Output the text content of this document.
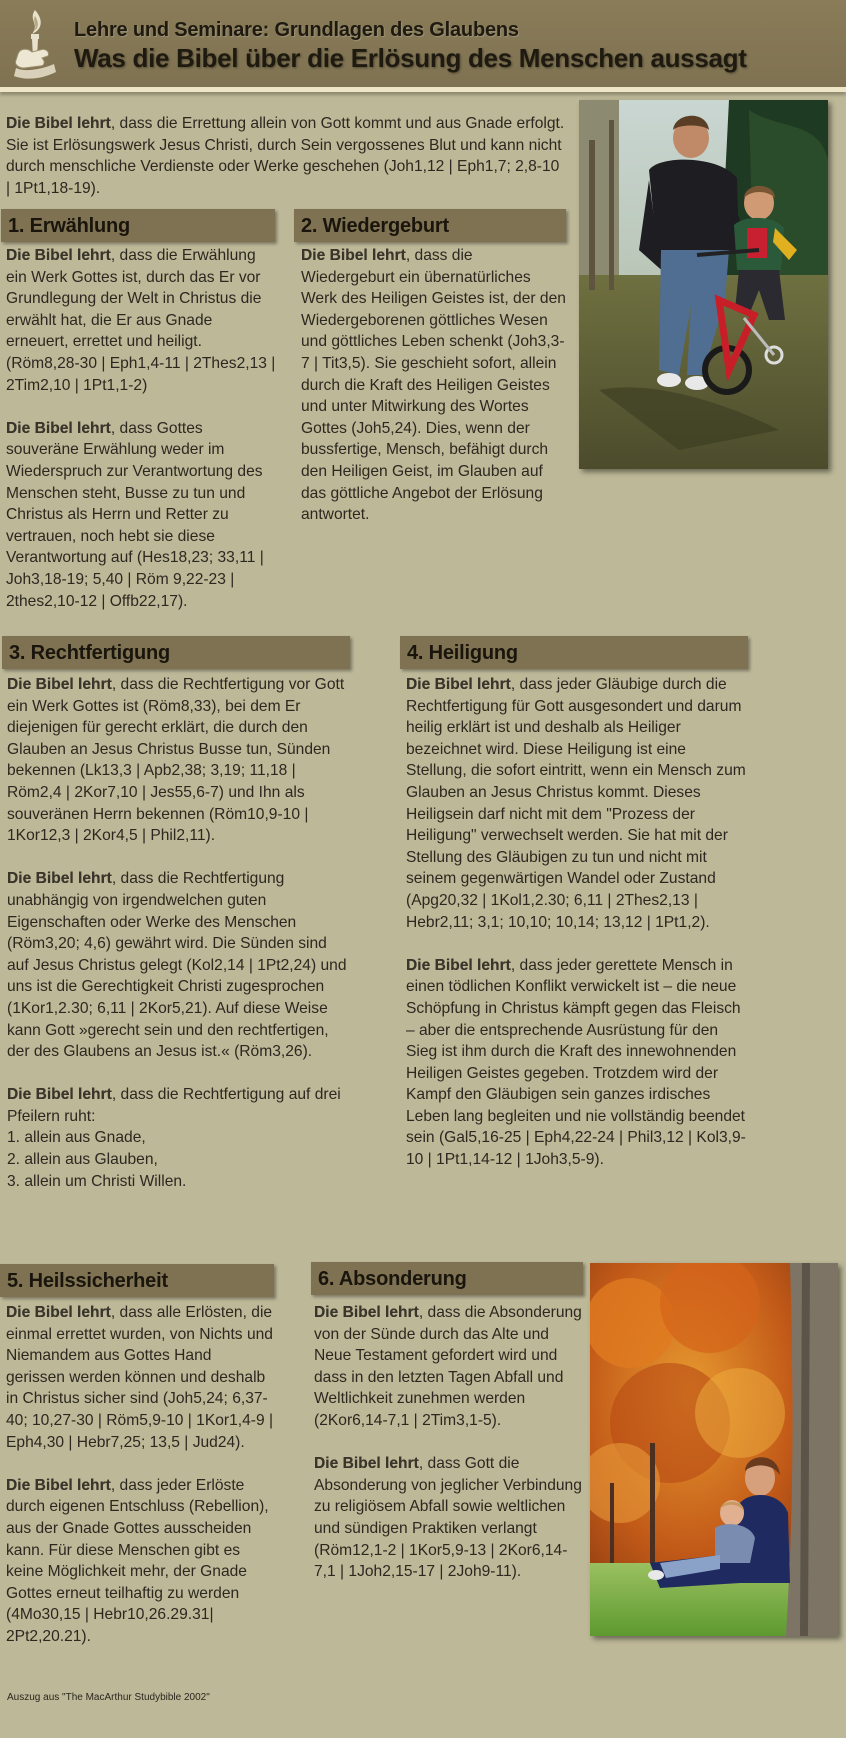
Lehre und Seminare: Grundlagen des Glaubens
Was die Bibel über die Erlösung des Menschen aussagt
Die Bibel lehrt, dass die Errettung allein von Gott kommt und aus Gnade erfolgt. Sie ist Erlösungswerk Jesus Christi, durch Sein vergossenes Blut und kann nicht durch menschliche Verdienste oder Werke geschehen (Joh1,12 | Eph1,7; 2,8-10 | 1Pt1,18-19).
1. Erwählung

Die Bibel lehrt, dass die Erwählung ein Werk Gottes ist, durch das Er vor Grundlegung der Welt in Christus die erwählt hat, die Er aus Gnade erneuert, errettet und heiligt. (Röm8,28-30 | Eph1,4-11 | 2Thes2,13 | 2Tim2,10 | 1Pt1,1-2)

Die Bibel lehrt, dass Gottes souveräne Erwählung weder im Wiederspruch zur Verantwortung des Menschen steht, Busse zu tun und Christus als Herrn und Retter zu vertrauen, noch hebt sie diese Verantwortung auf (Hes18,23; 33,11 | Joh3,18-19; 5,40 | Röm 9,22-23 | 2thes2,10-12 | Offb22,17).

2. Wiedergeburt

Die Bibel lehrt, dass die Wiedergeburt ein übernatürliches Werk des Heiligen Geistes ist, der den Wiedergeborenen göttliches Wesen und göttliches Leben schenkt (Joh3,3-7 | Tit3,5). Sie geschieht sofort, allein durch die Kraft des Heiligen Geistes und unter Mitwirkung des Wortes Gottes (Joh5,24). Dies, wenn der bussfertige, Mensch, befähigt durch den Heiligen Geist, im Glauben auf das göttliche Angebot der Erlösung antwortet.

3. Rechtfertigung

Die Bibel lehrt, dass die Rechtfertigung vor Gott ein Werk Gottes ist (Röm8,33), bei dem Er diejenigen für gerecht erklärt, die durch den Glauben an Jesus Christus Busse tun, Sünden bekennen (Lk13,3 | Apb2,38; 3,19; 11,18 | Röm2,4 | 2Kor7,10 | Jes55,6-7) und Ihn als souveränen Herrn bekennen (Röm10,9-10 | 1Kor12,3 | 2Kor4,5 | Phil2,11).

Die Bibel lehrt, dass die Rechtfertigung unabhängig von irgendwelchen guten Eigenschaften oder Werke des Menschen (Röm3,20; 4,6) gewährt wird. Die Sünden sind auf Jesus Christus gelegt (Kol2,14 | 1Pt2,24) und uns ist die Gerechtigkeit Christi zugesprochen (1Kor1,2.30; 6,11 | 2Kor5,21). Auf diese Weise kann Gott »gerecht sein und den rechtfertigen, der des Glaubens an Jesus ist.« (Röm3,26).

Die Bibel lehrt, dass die Rechtfertigung auf drei Pfeilern ruht:
1. allein aus Gnade,
2. allein aus Glauben,
3. allein um Christi Willen.

4. Heiligung

Die Bibel lehrt, dass jeder Gläubige durch die Rechtfertigung für Gott ausgesondert und darum heilig erklärt ist und deshalb als Heiliger bezeichnet wird. Diese Heiligung ist eine Stellung, die sofort eintritt, wenn ein Mensch zum Glauben an Jesus Christus kommt. Dieses Heiligsein darf nicht mit dem "Prozess der Heiligung" verwechselt werden. Sie hat mit der Stellung des Gläubigen zu tun und nicht mit seinem gegenwärtigen Wandel oder Zustand (Apg20,32 | 1Kol1,2.30; 6,11 | 2Thes2,13 | Hebr2,11; 3,1; 10,10; 10,14; 13,12 | 1Pt1,2).

Die Bibel lehrt, dass jeder gerettete Mensch in einen tödlichen Konflikt verwickelt ist – die neue Schöpfung in Christus kämpft gegen das Fleisch – aber die entsprechende Ausrüstung für den Sieg ist ihm durch die Kraft des innewohnenden Heiligen Geistes gegeben. Trotzdem wird der Kampf den Gläubigen sein ganzes irdisches Leben lang begleiten und nie vollständig beendet sein (Gal5,16-25 | Eph4,22-24 | Phil3,12 | Kol3,9-10 | 1Pt1,14-12 | 1Joh3,5-9).

5. Heilssicherheit

Die Bibel lehrt, dass alle Erlösten, die einmal errettet wurden, von Nichts und Niemandem aus Gottes Hand gerissen werden können und deshalb in Christus sicher sind (Joh5,24; 6,37-40; 10,27-30 | Röm5,9-10 | 1Kor1,4-9 | Eph4,30 | Hebr7,25; 13,5 | Jud24).

Die Bibel lehrt, dass jeder Erlöste durch eigenen Entschluss (Rebellion), aus der Gnade Gottes ausscheiden kann. Für diese Menschen gibt es keine Möglichkeit mehr, der Gnade Gottes erneut teilhaftig zu werden (4Mo30,15 | Hebr10,26.29.31| 2Pt2,20.21).

6. Absonderung

Die Bibel lehrt, dass die Absonderung von der Sünde durch das Alte und Neue Testament gefordert wird und dass in den letzten Tagen Abfall und Weltlichkeit zunehmen werden (2Kor6,14-7,1 | 2Tim3,1-5).

Die Bibel lehrt, dass Gott die Absonderung von jeglicher Verbindung zu religiösem Abfall sowie weltlichen und sündigen Praktiken verlangt (Röm12,1-2 | 1Kor5,9-13 | 2Kor6,14-7,1 | 1Joh2,15-17 | 2Joh9-11).

Auszug aus "The MacArthur Studybible 2002"
